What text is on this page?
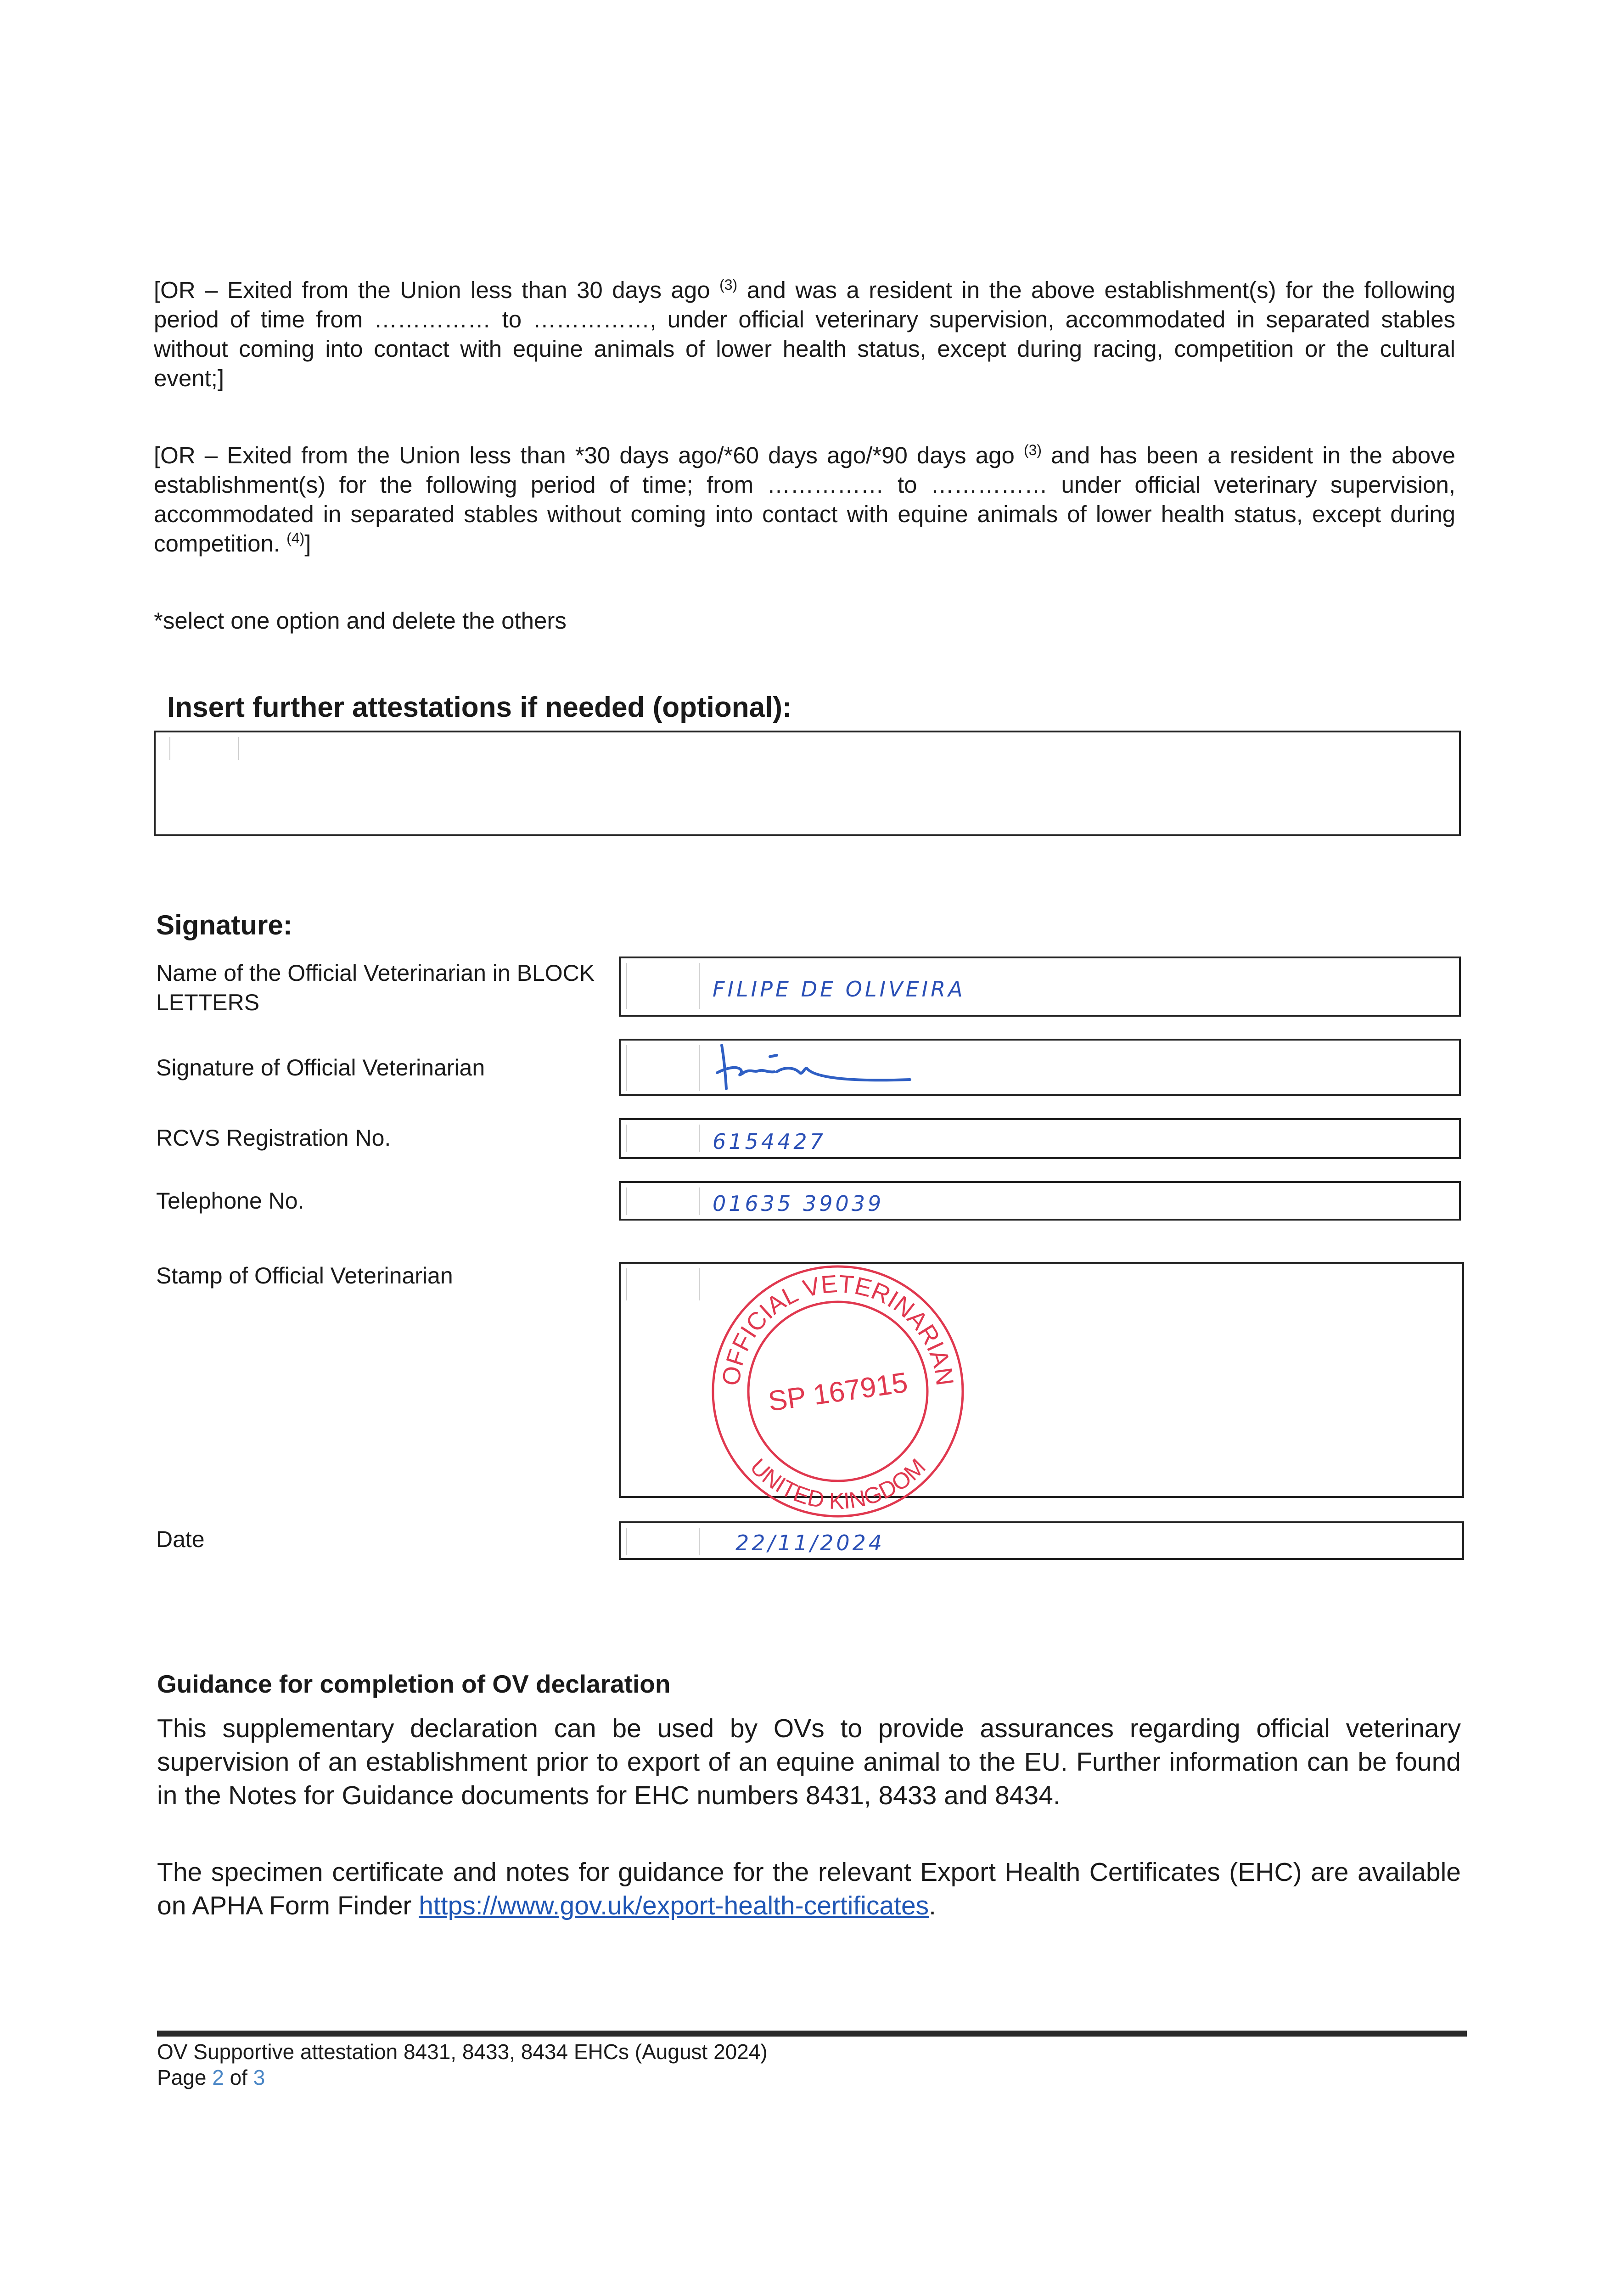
[OR – Exited from the Union less than 30 days ago $^{(3)}$ and was a resident in the above establishment(s) for the following period of time from …………… to ……………, under official veterinary supervision, accommodated in separated stables without coming into contact with equine animals of lower health status, except during racing, competition or the cultural event;]

[OR – Exited from the Union less than *30 days ago/*60 days ago/*90 days ago $^{(3)}$ and has been a resident in the above establishment(s) for the following period of time; from …………… to …………… under official veterinary supervision, accommodated in separated stables without coming into contact with equine animals of lower health status, except during competition. $^{(4)}$]

*select one option and delete the others

Insert further attestations if needed (optional):
Signature:
Name of the Official Veterinarian in BLOCK LETTERS
FILIPE DE OLIVEIRA
Signature of Official Veterinarian
RCVS Registration No.	6154427
Telephone No.	01635 39039
Stamp of Official Veterinarian
OFFICIAL VETERINARIAN
UNITED KINGDOM
SP 167915
Date	22/11/2024
Guidance for completion of OV declaration
This supplementary declaration can be used by OVs to provide assurances regarding official veterinary supervision of an establishment prior to export of an equine animal to the EU. Further information can be found in the Notes for Guidance documents for EHC numbers 8431, 8433 and 8434.
The specimen certificate and notes for guidance for the relevant Export Health Certificates (EHC) are available on APHA Form Finder https://www.gov.uk/export-health-certificates.
OV Supportive attestation 8431, 8433, 8434 EHCs (August 2024)
Page 2 of 3
